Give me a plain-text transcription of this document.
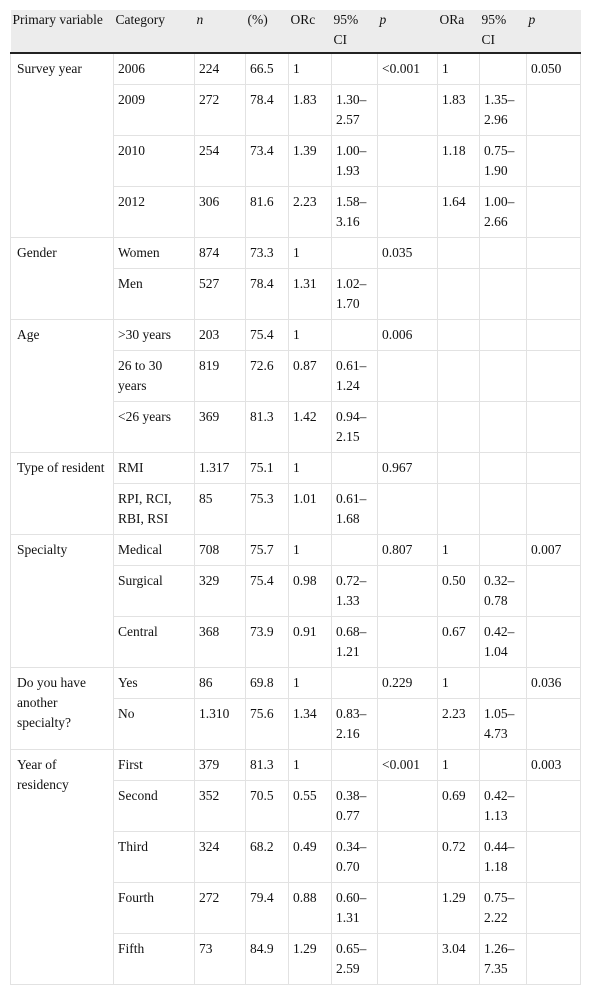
Primary variable	Category	n	(%)	ORc	95% CI	p	ORa	95% CI	p
Survey year	2006	224	66.5	1		<0.001	1		0.050
	2009	272	78.4	1.83	1.30–2.57		1.83	1.35–2.96	
	2010	254	73.4	1.39	1.00–1.93		1.18	0.75–1.90	
	2012	306	81.6	2.23	1.58–3.16		1.64	1.00–2.66	
Gender	Women	874	73.3	1		0.035			
	Men	527	78.4	1.31	1.02–1.70				
Age	>30 years	203	75.4	1		0.006			
	26 to 30 years	819	72.6	0.87	0.61–1.24				
	<26 years	369	81.3	1.42	0.94–2.15				
Type of resident	RMI	1.317	75.1	1		0.967			
	RPI, RCI, RBI, RSI	85	75.3	1.01	0.61–1.68				
Specialty	Medical	708	75.7	1		0.807	1		0.007
	Surgical	329	75.4	0.98	0.72–1.33		0.50	0.32–0.78	
	Central	368	73.9	0.91	0.68–1.21		0.67	0.42–1.04	
Do you have another specialty?	Yes	86	69.8	1		0.229	1		0.036
	No	1.310	75.6	1.34	0.83–2.16		2.23	1.05–4.73	
Year of residency	First	379	81.3	1		<0.001	1		0.003
	Second	352	70.5	0.55	0.38–0.77		0.69	0.42–1.13	
	Third	324	68.2	0.49	0.34–0.70		0.72	0.44–1.18	
	Fourth	272	79.4	0.88	0.60–1.31		1.29	0.75–2.22	
	Fifth	73	84.9	1.29	0.65–2.59		3.04	1.26–7.35	
